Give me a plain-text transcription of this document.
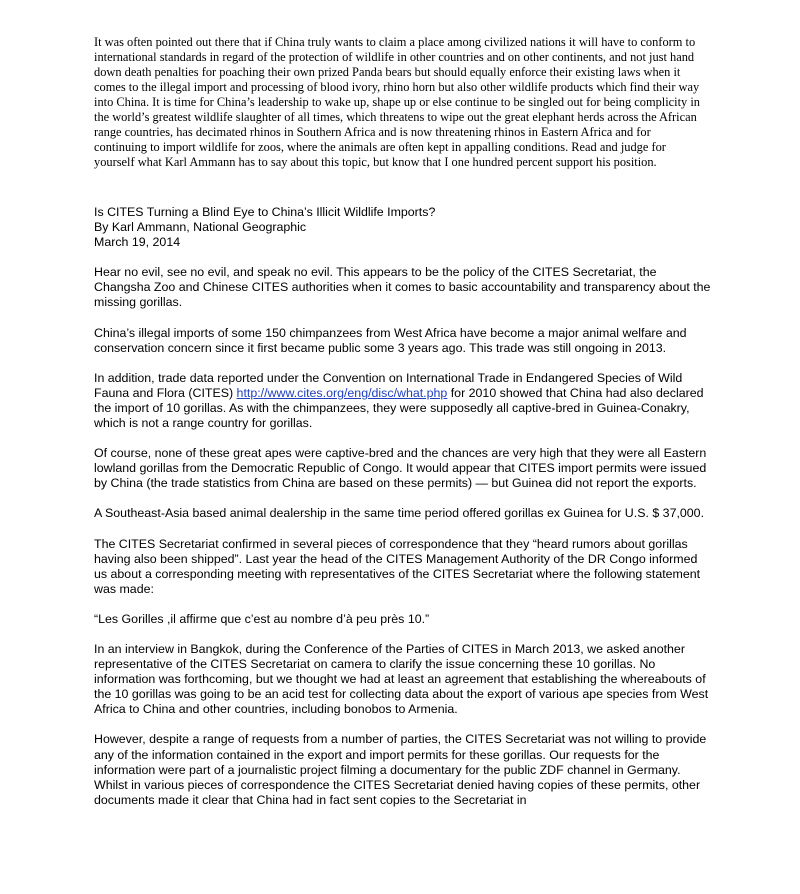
It was often pointed out there that if China truly wants to claim a place among civilized nations it will have to conform to international standards in regard of the protection of wildlife in other countries and on other continents, and not just hand down death penalties for poaching their own prized Panda bears but should equally enforce their existing laws when it comes to the illegal import and processing of blood ivory, rhino horn but also other wildlife products which find their way into China. It is time for China’s leadership to wake up, shape up or else continue to be singled out for being complicity in the world’s greatest wildlife slaughter of all times, which threatens to wipe out the great elephant herds across the African range countries, has decimated rhinos in Southern Africa and is now threatening rhinos in Eastern Africa and for continuing to import wildlife for zoos, where the animals are often kept in appalling conditions. Read and judge for yourself what Karl Ammann has to say about this topic, but know that I one hundred percent support his position.

Is CITES Turning a Blind Eye to China’s Illicit Wildlife Imports?

By Karl Ammann, National Geographic

March 19, 2014

Hear no evil, see no evil, and speak no evil. This appears to be the policy of the CITES Secretariat, the Changsha Zoo and Chinese CITES authorities when it comes to basic accountability and transparency about the missing gorillas.

China’s illegal imports of some 150 chimpanzees from West Africa have become a major animal welfare and conservation concern since it first became public some 3 years ago. This trade was still ongoing in 2013.

In addition, trade data reported under the Convention on International Trade in Endangered Species of Wild Fauna and Flora (CITES) http://www.cites.org/eng/disc/what.php for 2010 showed that China had also declared the import of 10 gorillas. As with the chimpanzees, they were supposedly all captive-bred in Guinea-Conakry, which is not a range country for gorillas.

Of course, none of these great apes were captive-bred and the chances are very high that they were all Eastern lowland gorillas from the Democratic Republic of Congo. It would appear that CITES import permits were issued by China (the trade statistics from China are based on these permits) — but Guinea did not report the exports.

A Southeast-Asia based animal dealership in the same time period offered gorillas ex Guinea for U.S. $ 37,000.

The CITES Secretariat confirmed in several pieces of correspondence that they “heard rumors about gorillas having also been shipped”. Last year the head of the CITES Management Authority of the DR Congo informed us about a corresponding meeting with representatives of the CITES Secretariat where the following statement was made:

“Les Gorilles ,il affirme que c’est au nombre d’à peu près 10.”

In an interview in Bangkok, during the Conference of the Parties of CITES in March 2013, we asked another representative of the CITES Secretariat on camera to clarify the issue concerning these 10 gorillas. No information was forthcoming, but we thought we had at least an agreement that establishing the whereabouts of the 10 gorillas was going to be an acid test for collecting data about the export of various ape species from West Africa to China and other countries, including bonobos to Armenia.

However, despite a range of requests from a number of parties, the CITES Secretariat was not willing to provide any of the information contained in the export and import permits for these gorillas. Our requests for the information were part of a journalistic project filming a documentary for the public ZDF channel in Germany. Whilst in various pieces of correspondence the CITES Secretariat denied having copies of these permits, other documents made it clear that China had in fact sent copies to the Secretariat in
